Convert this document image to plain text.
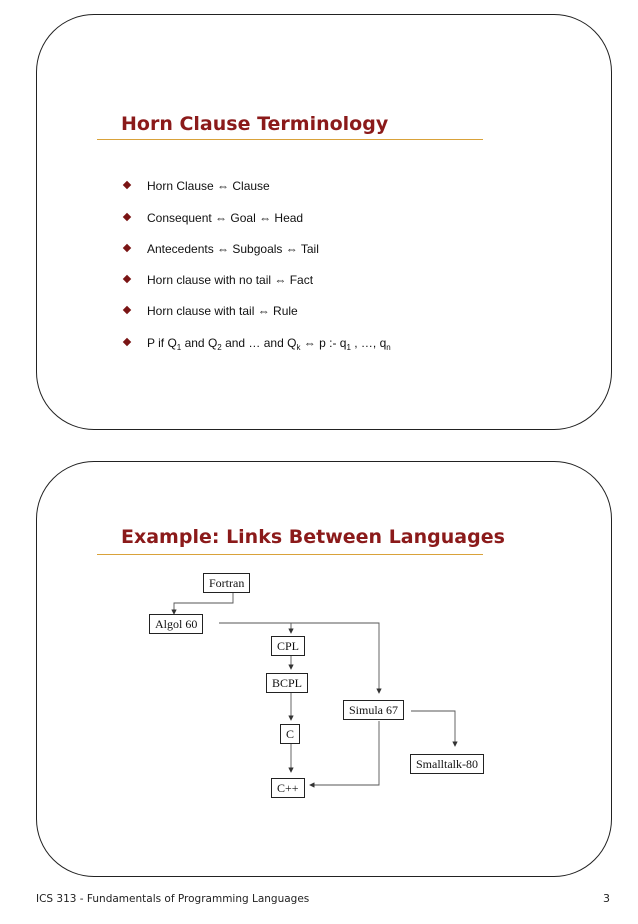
Horn Clause Terminology
Horn Clause ⇔ Clause
Consequent ⇔ Goal ⇔ Head
Antecedents ⇔ Subgoals ⇔ Tail
Horn clause with no tail ⇔ Fact
Horn clause with tail ⇔ Rule
P if $Q_1$ and $Q_2$ and … and $Q_k$ ⇔ p :- $q_1$ , …, $q_n$
Example: Links Between Languages
Fortran
Algol 60
CPL
BCPL
Simula 67
C
Smalltalk-80
C++
ICS 313 - Fundamentals of Programming Languages	3
